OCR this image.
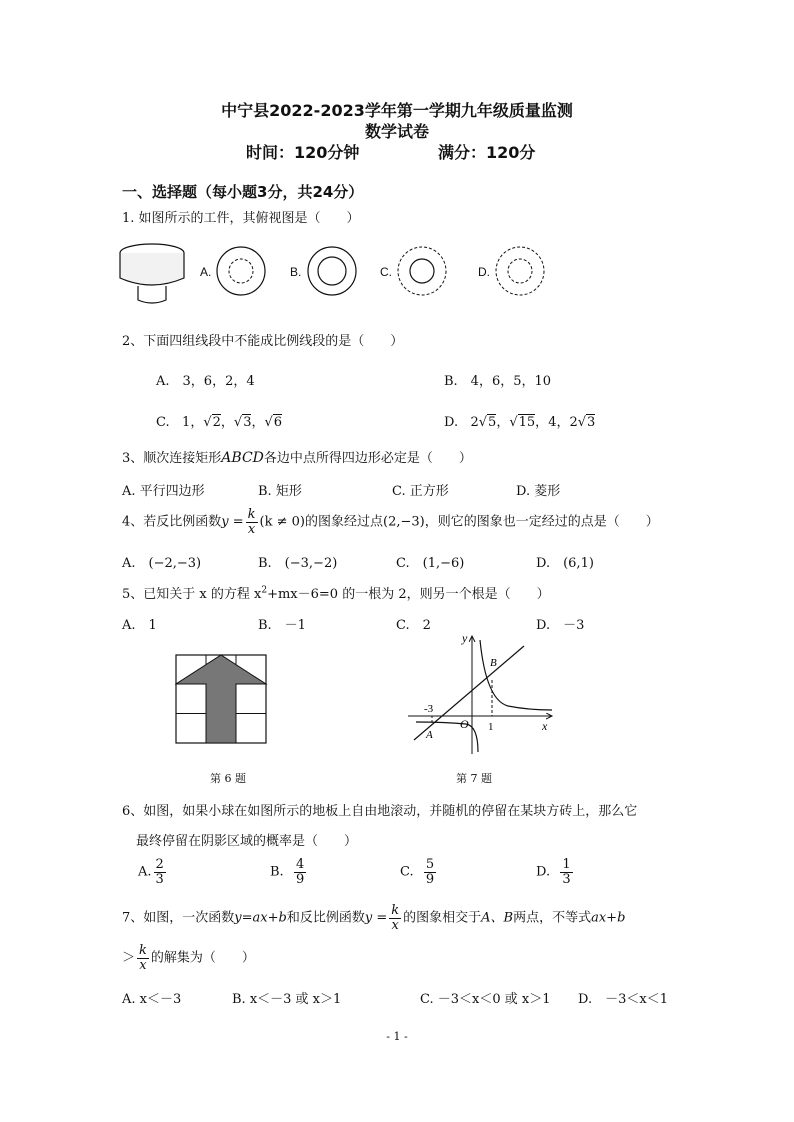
中宁县2022-2023学年第一学期九年级质量监测
数学试卷
时间：120分钟	满分：120分
一、选择题（每小题3分，共24分）
1. 如图所示的工件，其俯视图是（　　）
A.	B.	C.	D.
2、下面四组线段中不能成比例线段的是（　　）
A.　3，6，2，4	B.　4，6，5，10
C. 1，√2，√3，√6	D.   2√5，√15，4，2√3
3、顺次连接矩形ABCD各边中点所得四边形必定是（　　）
A. 平行四边形	B. 矩形	C. 正方形	D. 菱形
4、若反比例函数$y = \frac{k}{x} (k \ne 0)$的图象经过点(2,−3)，则它的图象也一定经过的点是（　　）
A.　(−2,−3)	B.　(−3,−2)	C.　(1,−6)	D.　(6,1)
5、已知关于 x 的方程 $x^2+mx-6=0$ 的一根为 2，则另一个根是（　　）
A.　1	B.　－1	C.　2	D.　－3
第 6 题
y
x
O
A
B
-3
1
第 7 题
6、如图，如果小球在如图所示的地板上自由地滚动，并随机的停留在某块方砖上，那么它
最终停留在阴影区域的概率是（　　）
A. $\frac{2}{3}$	B. $\frac{4}{9}$	C. $\frac{5}{9}$	D. $\frac{1}{3}$
7、如图，一次函数y=ax+b和反比例函数$y = \frac{k}{x}$ 的图象相交于A、B两点，不等式ax+b
＞ $\frac{k}{x}$ 的解集为（　　）
A. x＜－3	B. x＜－3 或 x＞1	C. －3＜x＜0 或 x＞1 D.　－3＜x＜1
- 1 -
